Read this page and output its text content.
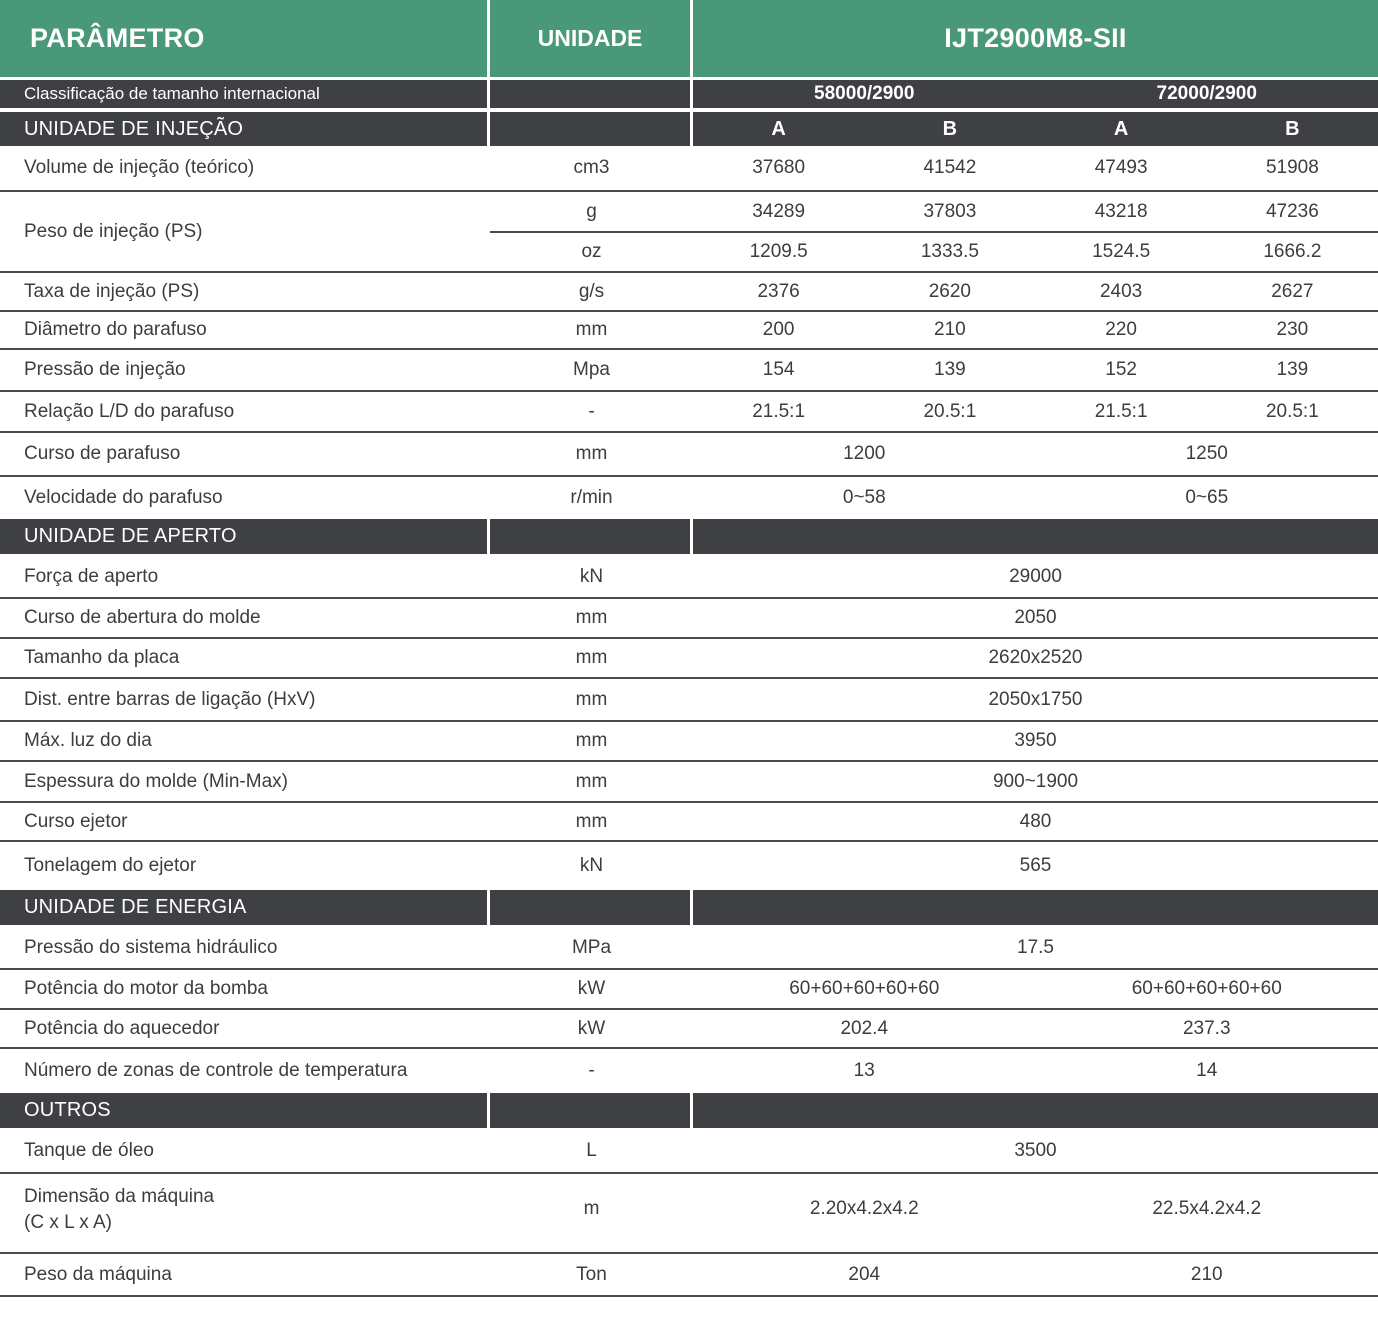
PARÂMETRO	UNIDADE	IJT2900M8-SII
Classificação de tamanho internacional	58000/2900	72000/2900
UNIDADE DE INJEÇÃO	A	B	A	B
Volume de injeção (teórico)	cm3	37680	41542	47493	51908
Peso de injeção (PS)
g	34289	37803	43218	47236
oz	1209.5	1333.5	1524.5	1666.2
Taxa de injeção (PS)	g/s	2376	2620	2403	2627
Diâmetro do parafuso	mm	200	210	220	230
Pressão de injeção	Mpa	154	139	152	139
Relação L/D do parafuso	-	21.5:1	20.5:1	21.5:1	20.5:1
Curso de parafuso	mm	1200	1250
Velocidade do parafuso	r/min	0~58	0~65
UNIDADE DE APERTO
Força de aperto	kN	29000
Curso de abertura do molde	mm	2050
Tamanho da placa	mm	2620x2520
Dist. entre barras de ligação (HxV)	mm	2050x1750
Máx. luz do dia	mm	3950
Espessura do molde (Min-Max)	mm	900~1900
Curso ejetor	mm	480
Tonelagem do ejetor	kN	565
UNIDADE DE ENERGIA
Pressão do sistema hidráulico	MPa	17.5
Potência do motor da bomba	kW	60+60+60+60+60	60+60+60+60+60
Potência do aquecedor	kW	202.4	237.3
Número de zonas de controle de temperatura	-	13	14
OUTROS
Tanque de óleo	L	3500
Dimensão da máquina
(C x L x A)
m	2.20x4.2x4.2	22.5x4.2x4.2
Peso da máquina	Ton	204	210
